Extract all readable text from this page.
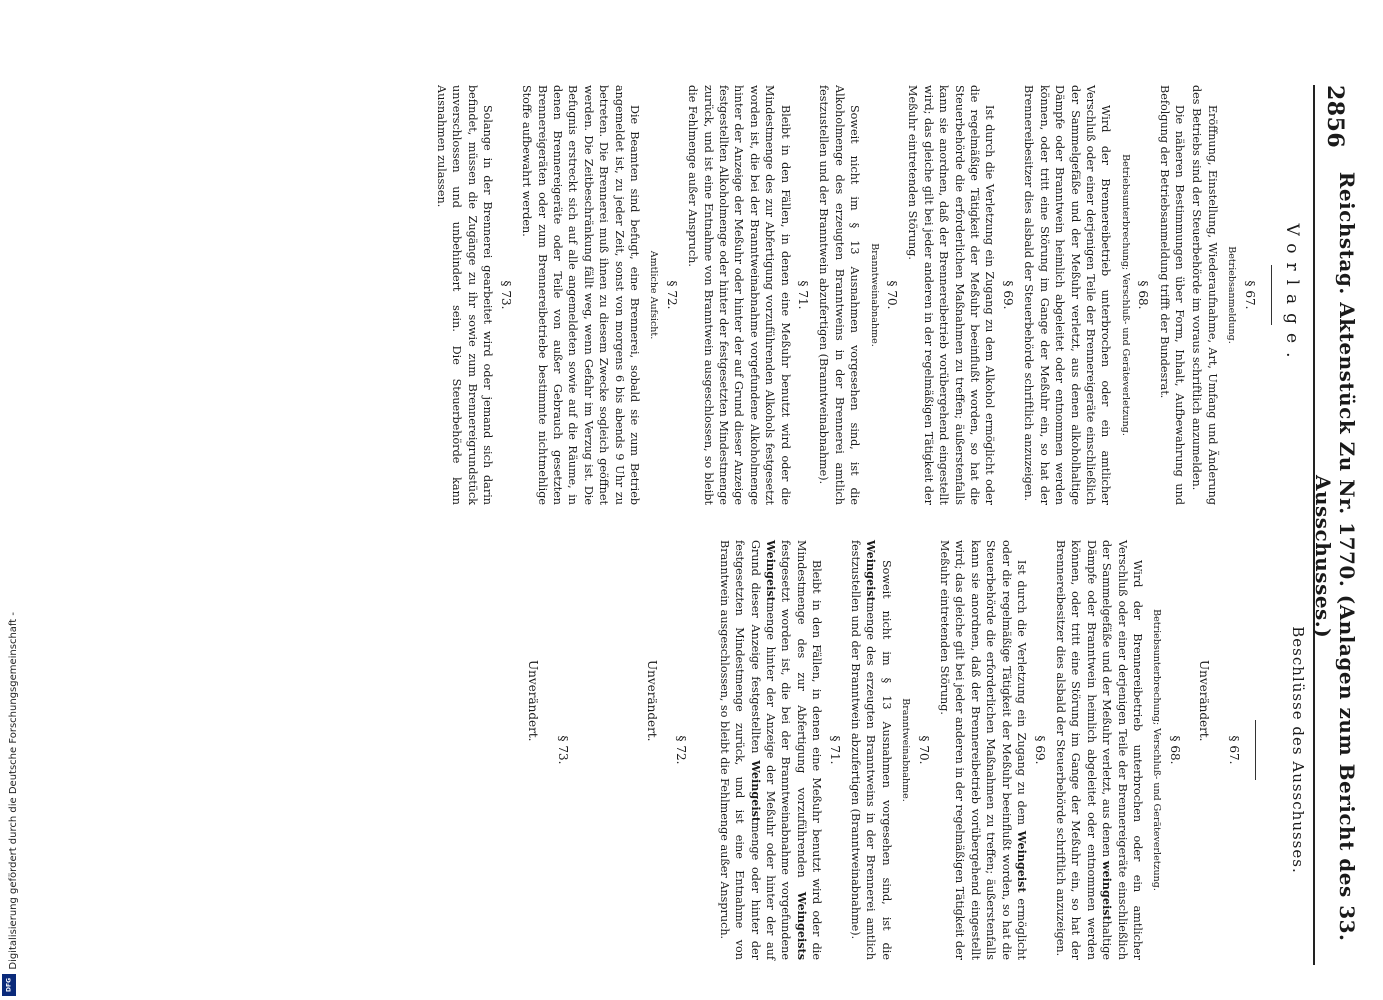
2856
Reichstag. Aktenstück Zu Nr. 1770. (Anlagen zum Bericht des 33. Ausschusses.)
Vorlage.
§ 67.
Betriebsanmeldung.

Eröffnung, Einstellung, Wiederaufnahme, Art, Umfang und Änderung des Betriebs sind der Steuerbehörde im voraus schriftlich anzumelden.

Die näheren Bestimmungen über Form, Inhalt, Aufbewahrung und Befolgung der Betriebsanmeldung trifft der Bundesrat.

§ 68.
Betriebsunterbrechung; Verschluß- und Geräteverletzung.

Wird der Brennereibetrieb unterbrochen oder ein amtlicher Verschluß oder einer derjenigen Teile der Brennereigeräte einschließlich der Sammelgefäße und der Meßuhr verletzt, aus denen alkoholhaltige Dämpfe oder Branntwein heimlich abgeleitet oder entnommen werden können, oder tritt eine Störung im Gange der Meßuhr ein, so hat der Brennereibesitzer dies alsbald der Steuerbehörde schriftlich anzuzeigen.

§ 69.

Ist durch die Verletzung ein Zugang zu dem Alkohol ermöglicht oder die regelmäßige Tätigkeit der Meßuhr beeinflußt worden, so hat die Steuerbehörde die erforderlichen Maßnahmen zu treffen; äußerstenfalls kann sie anordnen, daß der Brennereibetrieb vorübergehend eingestellt wird; das gleiche gilt bei jeder anderen in der regelmäßigen Tätigkeit der Meßuhr eintretenden Störung.

§ 70.
Branntweinabnahme.

Soweit nicht im § 13 Ausnahmen vorgesehen sind, ist die Alkoholmenge des erzeugten Branntweins in der Brennerei amtlich festzustellen und der Branntwein abzufertigen (Branntweinabnahme).

§ 71.

Bleibt in den Fällen, in denen eine Meßuhr benutzt wird oder die Mindestmenge des zur Abfertigung vorzuführenden Alkohols festgesetzt worden ist, die bei der Branntweinabnahme vorgefundene Alkoholmenge hinter der Anzeige der Meßuhr oder hinter der auf Grund dieser Anzeige festgestellten Alkoholmenge oder hinter der festgesetzten Mindestmenge zurück, und ist eine Entnahme von Branntwein ausgeschlossen, so bleibt die Fehlmenge außer Anspruch.

§ 72.
Amtliche Aufsicht.

Die Beamten sind befugt, eine Brennerei, sobald sie zum Betrieb angemeldet ist, zu jeder Zeit, sonst von morgens 6 bis abends 9 Uhr zu betreten. Die Brennerei muß ihnen zu diesem Zwecke sogleich geöffnet werden. Die Zeitbeschränkung fällt weg, wenn Gefahr im Verzug ist. Die Befugnis erstreckt sich auf alle angemeldeten sowie auf die Räume, in denen Brennereigeräte oder Teile von außer Gebrauch gesetzten Brennereigeräten oder zum Brennereibetriebe bestimmte nichtmehlige Stoffe aufbewahrt werden.

§ 73.

Solange in der Brennerei gearbeitet wird oder jemand sich darin befindet, müssen die Zugänge zu ihr sowie zum Brennereigrundstück unverschlossen und unbehindert sein. Die Steuerbehörde kann Ausnahmen zulassen.

Beschlüsse des Ausschusses.
§ 67.
Unverändert.
§ 68.
Betriebsunterbrechung; Verschluß- und Geräteverletzung.

Wird der Brennereibetrieb unterbrochen oder ein amtlicher Verschluß oder einer derjenigen Teile der Brennereigeräte einschließlich der Sammelgefäße und der Meßuhr verletzt, aus denen weingeisthaltige Dämpfe oder Branntwein heimlich abgeleitet oder entnommen werden können, oder tritt eine Störung im Gange der Meßuhr ein, so hat der Brennereibesitzer dies alsbald der Steuerbehörde schriftlich anzuzeigen.

§ 69.

Ist durch die Verletzung ein Zugang zu dem Weingeist ermöglicht oder die regelmäßige Tätigkeit der Meßuhr beeinflußt worden, so hat die Steuerbehörde die erforderlichen Maßnahmen zu treffen; äußerstenfalls kann sie anordnen, daß der Brennereibetrieb vorübergehend eingestellt wird; das gleiche gilt bei jeder anderen in der regelmäßigen Tätigkeit der Meßuhr eintretenden Störung.

§ 70.
Branntweinabnahme.

Soweit nicht im § 13 Ausnahmen vorgesehen sind, ist die Weingeistmenge des erzeugten Branntweins in der Brennerei amtlich festzustellen und der Branntwein abzufertigen (Branntweinabnahme).

§ 71.

Bleibt in den Fällen, in denen eine Meßuhr benutzt wird oder die Mindestmenge des zur Abfertigung vorzuführenden Weingeists festgesetzt worden ist, die bei der Branntweinabnahme vorgefundene Weingeistmenge hinter der Anzeige der Meßuhr oder hinter der auf Grund dieser Anzeige festgestellten Weingeistmenge oder hinter der festgesetzten Mindestmenge zurück, und ist eine Entnahme von Branntwein ausgeschlossen, so bleibt die Fehlmenge außer Anspruch.

§ 72.
Unverändert.
§ 73.
Unverändert.
Digitalisierung gefördert durch die Deutsche Forschungsgemeinschaft -
DFG
